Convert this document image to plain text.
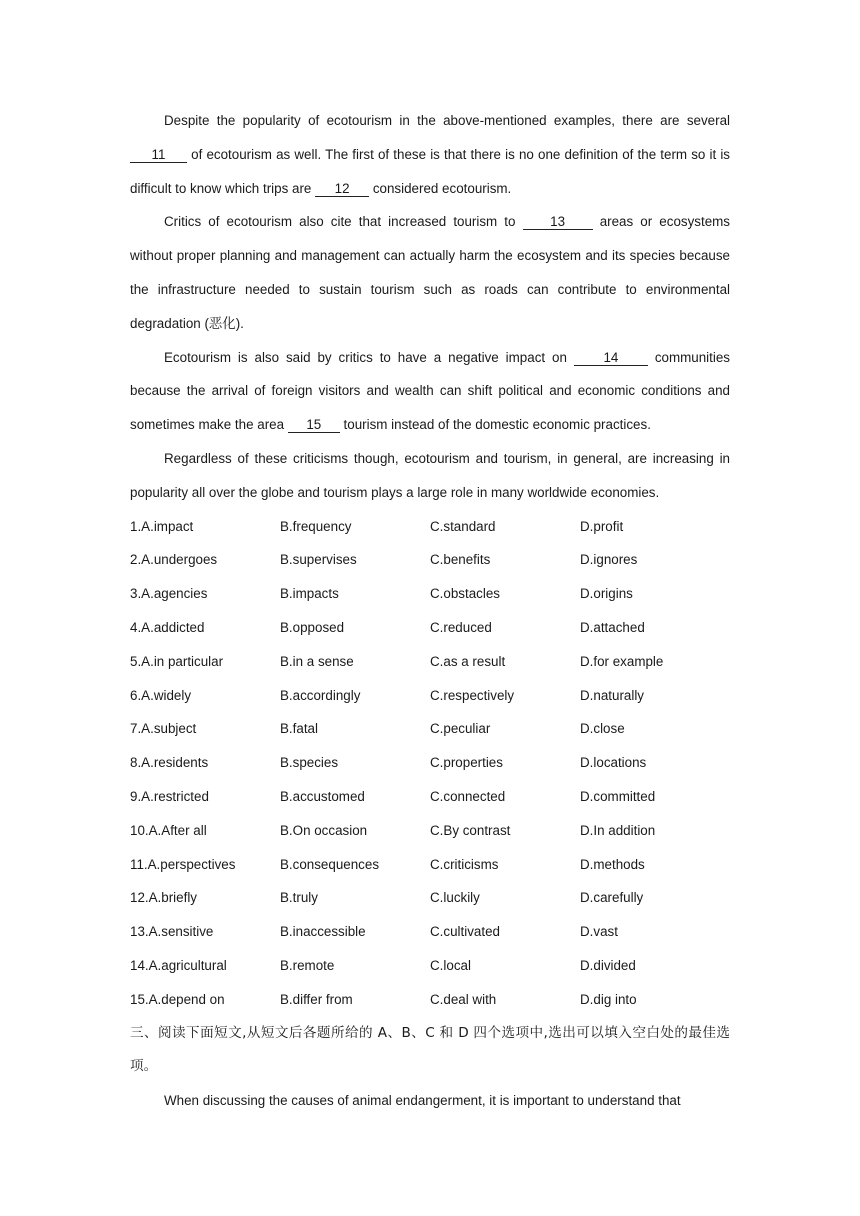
Despite the popularity of ecotourism in the above-mentioned examples, there are several 11 of ecotourism as well. The first of these is that there is no one definition of the term so it is difficult to know which trips are 12 considered ecotourism.

Critics of ecotourism also cite that increased tourism to	13	areas or ecosystems without proper planning and management can actually harm the ecosystem and its species because the infrastructure needed to sustain tourism such as roads can contribute to environmental degradation (恶化).

Ecotourism is also said by critics to have a negative impact on	14	communities because the arrival of foreign visitors and wealth can shift political and economic conditions and sometimes make the area 15 tourism instead of the domestic economic practices.

Regardless of these criticisms though, ecotourism and tourism, in general, are increasing in popularity all over the globe and tourism plays a large role in many worldwide economies.

1.A.impact	B.frequency	C.standard	D.profit
2.A.undergoes	B.supervises	C.benefits	D.ignores
3.A.agencies	B.impacts	C.obstacles	D.origins
4.A.addicted	B.opposed	C.reduced	D.attached
5.A.in particular	B.in a sense	C.as a result	D.for example
6.A.widely	B.accordingly	C.respectively	D.naturally
7.A.subject	B.fatal	C.peculiar	D.close
8.A.residents	B.species	C.properties	D.locations
9.A.restricted	B.accustomed	C.connected	D.committed
10.A.After all	B.On occasion	C.By contrast	D.In addition
11.A.perspectives	B.consequences	C.criticisms	D.methods
12.A.briefly	B.truly	C.luckily	D.carefully
13.A.sensitive	B.inaccessible	C.cultivated	D.vast
14.A.agricultural	B.remote	C.local	D.divided
15.A.depend on	B.differ from	C.deal with	D.dig into

三、阅读下面短文,从短文后各题所给的 A、B、C 和 D 四个选项中,选出可以填入空白处的最佳选项。

When discussing the causes of animal endangerment, it is important to understand that
